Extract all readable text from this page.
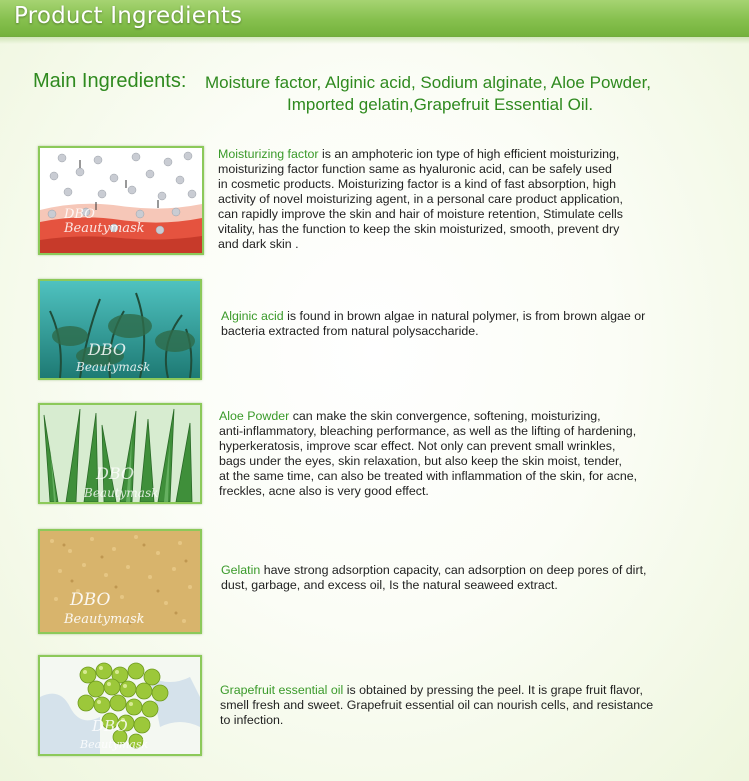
Product Ingredients
Main Ingredients: Moisture factor, Alginic acid, Sodium alginate, Aloe Powder,
Imported gelatin,Grapefruit Essential Oil.
DBO
Beautymask
DBO
Beautymask
DBO
Beautymask
DBO
Beautymask
DBO
Beautymask
Moisturizing factor is an amphoteric ion type of high efficient moisturizing,
moisturizing factor function same as hyaluronic acid, can be safely used
in cosmetic products. Moisturizing factor is a kind of fast absorption, high
activity of novel moisturizing agent, in a personal care product application,
can rapidly improve the skin and hair of moisture retention, Stimulate cells
vitality, has the function to keep the skin moisturized, smooth, prevent dry
and dark skin .
Alginic acid is found in brown algae in natural polymer, is from brown algae or
bacteria extracted from natural polysaccharide.
Aloe Powder can make the skin convergence, softening, moisturizing,
anti-inflammatory, bleaching performance, as well as the lifting of hardening,
hyperkeratosis, improve scar effect. Not only can prevent small wrinkles,
bags under the eyes, skin relaxation, but also keep the skin moist, tender,
at the same time, can also be treated with inflammation of the skin, for acne,
freckles, acne also is very good effect.
Gelatin have strong adsorption capacity, can adsorption on deep pores of dirt,
dust, garbage, and excess oil, Is the natural seaweed extract.
Grapefruit essential oil is obtained by pressing the peel. It is grape fruit flavor,
smell fresh and sweet. Grapefruit essential oil can nourish cells, and resistance
to infection.
